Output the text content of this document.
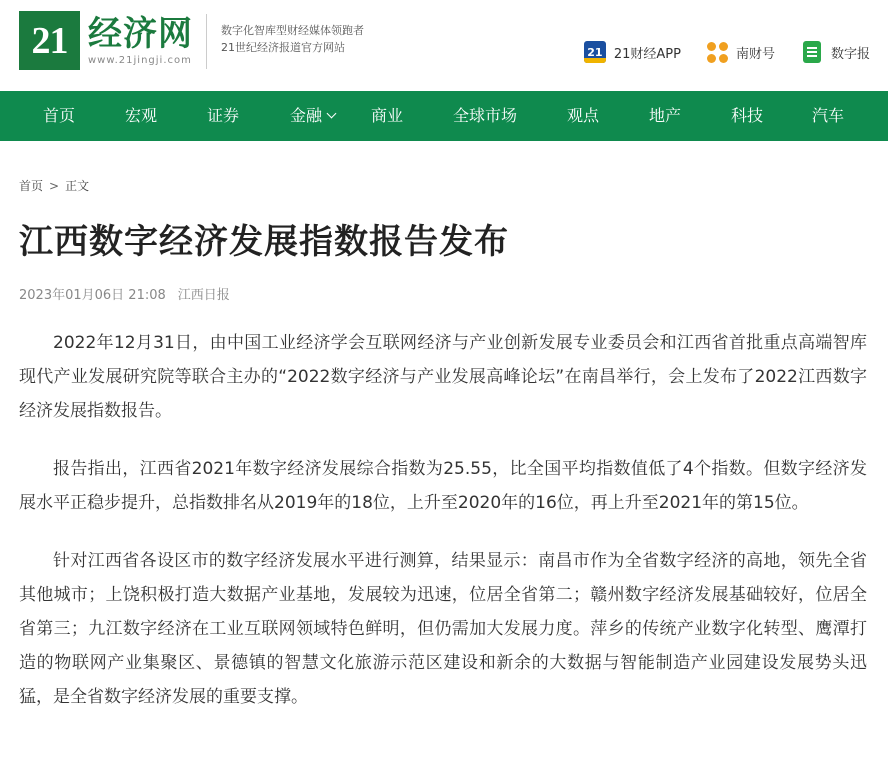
21 经济网
www.21jingji.com
数字化智库型财经媒体领跑者
21世纪经济报道官方网站	21 21财经APP	南财号	数字报
首页	宏观	证券	金融	商业	全球市场	观点	地产	科技	汽车
首页 > 正文
江西数字经济发展指数报告发布
2023年01月06日 21:08 江西日报

2022年12月31日，由中国工业经济学会互联网经济与产业创新发展专业委员会和江西省首批重点高端智库现代产业发展研究院等联合主办的“2022数字经济与产业发展高峰论坛”在南昌举行，会上发布了2022江西数字经济发展指数报告。

报告指出，江西省2021年数字经济发展综合指数为25.55，比全国平均指数值低了4个指数。但数字经济发展水平正稳步提升，总指数排名从2019年的18位，上升至2020年的16位，再上升至2021年的第15位。

针对江西省各设区市的数字经济发展水平进行测算，结果显示：南昌市作为全省数字经济的高地，领先全省其他城市；上饶积极打造大数据产业基地，发展较为迅速，位居全省第二；赣州数字经济发展基础较好，位居全省第三；九江数字经济在工业互联网领域特色鲜明，但仍需加大发展力度。萍乡的传统产业数字化转型、鹰潭打造的物联网产业集聚区、景德镇的智慧文化旅游示范区建设和新余的大数据与智能制造产业园建设发展势头迅猛，是全省数字经济发展的重要支撑。
